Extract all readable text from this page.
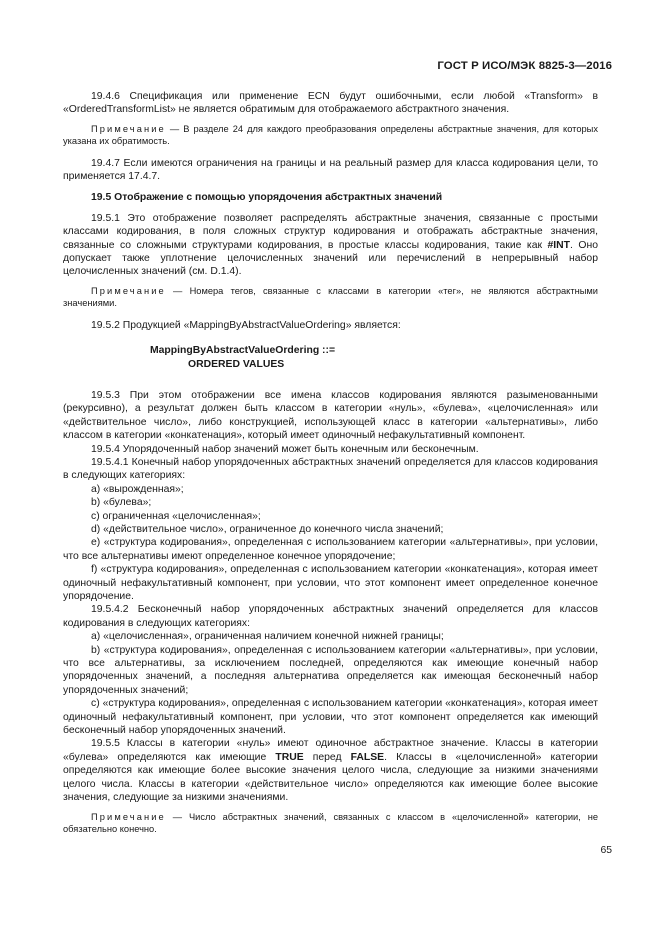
ГОСТ Р ИСО/МЭК 8825-3—2016

19.4.6 Спецификация или применение ECN будут ошибочными, если любой «Transform» в «OrderedTransformList» не является обратимым для отображаемого абстрактного значения.

Примечание — В разделе 24 для каждого преобразования определены абстрактные значения, для которых указана их обратимость.

19.4.7 Если имеются ограничения на границы и на реальный размер для класса кодирования цели, то применяется 17.4.7.

19.5 Отображение с помощью упорядочения абстрактных значений

19.5.1 Это отображение позволяет распределять абстрактные значения, связанные с простыми классами кодирования, в поля сложных структур кодирования и отображать абстрактные значения, связанные со сложными структурами кодирования, в простые классы кодирования, такие как #INT. Оно допускает также уплотнение целочисленных значений или перечислений в непрерывный набор целочисленных значений (см. D.1.4).

Примечание — Номера тегов, связанные с классами в категории «тег», не являются абстрактными значениями.

19.5.2 Продукцией «MappingByAbstractValueOrdering» является:

MappingByAbstractValueOrdering ::=
ORDERED VALUES

19.5.3 При этом отображении все имена классов кодирования являются разыменованными (рекурсивно), а результат должен быть классом в категории «нуль», «булева», «целочисленная» или «действительное число», либо конструкцией, использующей класс в категории «альтернативы», либо классом в категории «конкатенация», который имеет одиночный нефакультативный компонент.

19.5.4 Упорядоченный набор значений может быть конечным или бесконечным.

19.5.4.1 Конечный набор упорядоченных абстрактных значений определяется для классов кодирования в следующих категориях:

a) «вырожденная»;

b) «булева»;

c) ограниченная «целочисленная»;

d) «действительное число», ограниченное до конечного числа значений;

e) «структура кодирования», определенная с использованием категории «альтернативы», при условии, что все альтернативы имеют определенное конечное упорядочение;

f) «структура кодирования», определенная с использованием категории «конкатенация», которая имеет одиночный нефакультативный компонент, при условии, что этот компонент имеет определенное конечное упорядочение.

19.5.4.2 Бесконечный набор упорядоченных абстрактных значений определяется для классов кодирования в следующих категориях:

a) «целочисленная», ограниченная наличием конечной нижней границы;

b) «структура кодирования», определенная с использованием категории «альтернативы», при условии, что все альтернативы, за исключением последней, определяются как имеющие конечный набор упорядоченных значений, а последняя альтернатива определяется как имеющая бесконечный набор упорядоченных значений;

c) «структура кодирования», определенная с использованием категории «конкатенация», которая имеет одиночный нефакультативный компонент, при условии, что этот компонент определяется как имеющий бесконечный набор упорядоченных значений.

19.5.5 Классы в категории «нуль» имеют одиночное абстрактное значение. Классы в категории «булева» определяются как имеющие TRUE перед FALSE. Классы в «целочисленной» категории определяются как имеющие более высокие значения целого числа, следующие за низкими значениями целого числа. Классы в категории «действительное число» определяются как имеющие более высокие значения, следующие за низкими значениями.

Примечание — Число абстрактных значений, связанных с классом в «целочисленной» категории, не обязательно конечно.

65
